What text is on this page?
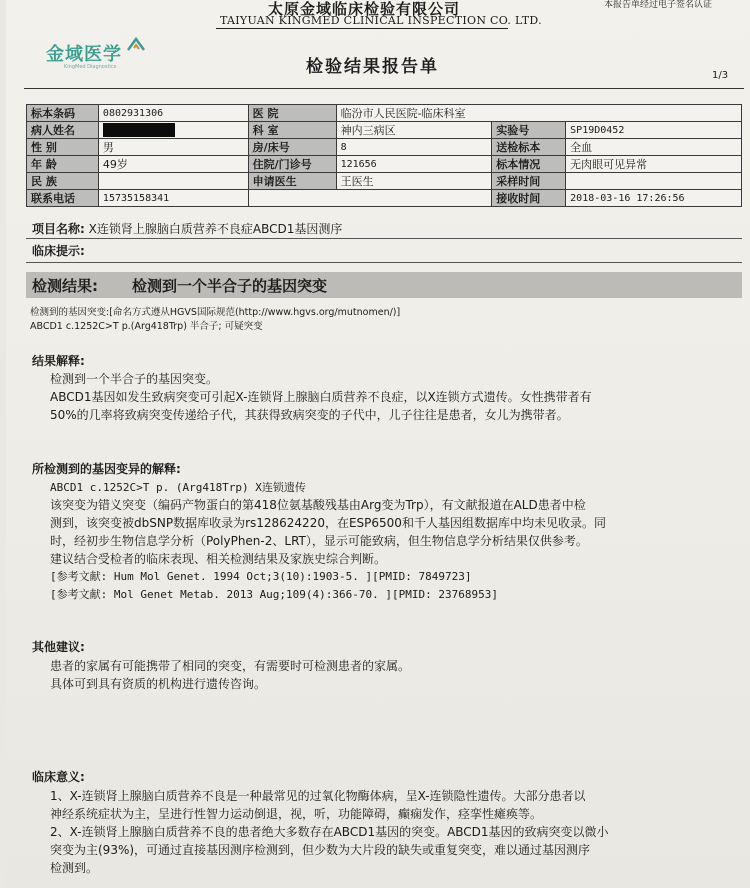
太原金域临床检验有限公司
TAIYUAN KINGMED CLINICAL INSPECTION CO. LTD.
本报告单经过电子签名认证
金域医学
KingMed Diagnostics	检验结果报告单	1/3
标本条码	0802931306	医 院	临汾市人民医院-临床科室		
病人姓名		科 室	神内三病区	实验号	SP19D0452
性 别	男	房/床号	8	送检标本	全血
年 龄	49岁	住院/门诊号	121656	标本情况	无肉眼可见异常
民 族		申请医生	王医生	采样时间	
联系电话	15735158341			接收时间	2018-03-16 17:26:56
项目名称: X连锁肾上腺脑白质营养不良症ABCD1基因测序
临床提示:
检测结果: 检测到一个半合子的基因突变
检测到的基因突变:[命名方式遵从HGVS国际规范(http://www.hgvs.org/mutnomen/)]
ABCD1 c.1252C>T p.(Arg418Trp) 半合子; 可疑突变
结果解释:
检测到一个半合子的基因突变。
ABCD1基因如发生致病突变可引起X-连锁肾上腺脑白质营养不良症，以X连锁方式遗传。女性携带者有
50%的几率将致病突变传递给子代，其获得致病突变的子代中，儿子往往是患者，女儿为携带者。
所检测到的基因变异的解释:
ABCD1 c.1252C>T p. (Arg418Trp) X连锁遗传
该突变为错义突变（编码产物蛋白的第418位氨基酸残基由Arg变为Trp），有文献报道在ALD患者中检
测到，该突变被dbSNP数据库收录为rs128624220，在ESP6500和千人基因组数据库中均未见收录。同
时，经初步生物信息学分析（PolyPhen-2、LRT），显示可能致病，但生物信息学分析结果仅供参考。
建议结合受检者的临床表现、相关检测结果及家族史综合判断。
[参考文献: Hum Mol Genet. 1994 Oct;3(10):1903-5. ][PMID: 7849723]
[参考文献: Mol Genet Metab. 2013 Aug;109(4):366-70. ][PMID: 23768953]
其他建议:
患者的家属有可能携带了相同的突变，有需要时可检测患者的家属。
具体可到具有资质的机构进行遗传咨询。
临床意义:
1、X-连锁肾上腺脑白质营养不良是一种最常见的过氧化物酶体病，呈X-连锁隐性遗传。大部分患者以
神经系统症状为主，呈进行性智力运动倒退，视，听，功能障碍，癫痫发作，痉挛性瘫痪等。
2、X-连锁肾上腺脑白质营养不良的患者绝大多数存在ABCD1基因的突变。ABCD1基因的致病突变以微小
突变为主(93%)，可通过直接基因测序检测到，但少数为大片段的缺失或重复突变，难以通过基因测序
检测到。
